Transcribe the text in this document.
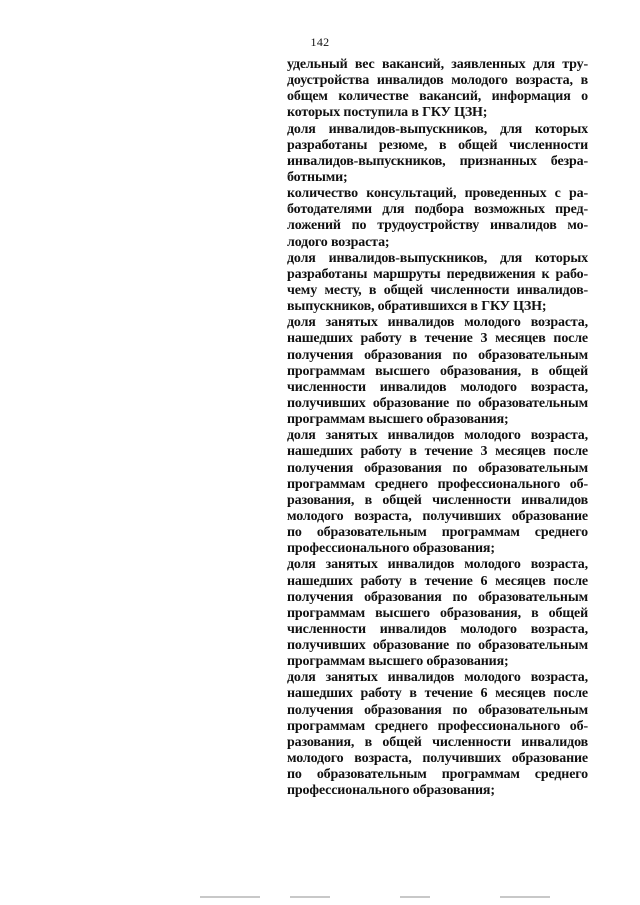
142
удельный вес вакансий, заявленных для тру-
доустройства инвалидов молодого возраста, в
общем количестве вакансий, информация о
которых поступила в ГКУ ЦЗН;
доля инвалидов-выпускников, для которых
разработаны резюме, в общей численности
инвалидов-выпускников, признанных безра-
ботными;
количество консультаций, проведенных с ра-
ботодателями для подбора возможных пред-
ложений по трудоустройству инвалидов мо-
лодого возраста;
доля инвалидов-выпускников, для которых
разработаны маршруты передвижения к рабо-
чему месту, в общей численности инвалидов-
выпускников, обратившихся в ГКУ ЦЗН;
доля занятых инвалидов молодого возраста,
нашедших работу в течение 3 месяцев после
получения образования по образовательным
программам высшего образования, в общей
численности инвалидов молодого возраста,
получивших образование по образовательным
программам высшего образования;
доля занятых инвалидов молодого возраста,
нашедших работу в течение 3 месяцев после
получения образования по образовательным
программам среднего профессионального об-
разования, в общей численности инвалидов
молодого возраста, получивших образование
по образовательным программам среднего
профессионального образования;
доля занятых инвалидов молодого возраста,
нашедших работу в течение 6 месяцев после
получения образования по образовательным
программам высшего образования, в общей
численности инвалидов молодого возраста,
получивших образование по образовательным
программам высшего образования;
доля занятых инвалидов молодого возраста,
нашедших работу в течение 6 месяцев после
получения образования по образовательным
программам среднего профессионального об-
разования, в общей численности инвалидов
молодого возраста, получивших образование
по образовательным программам среднего
профессионального образования;
